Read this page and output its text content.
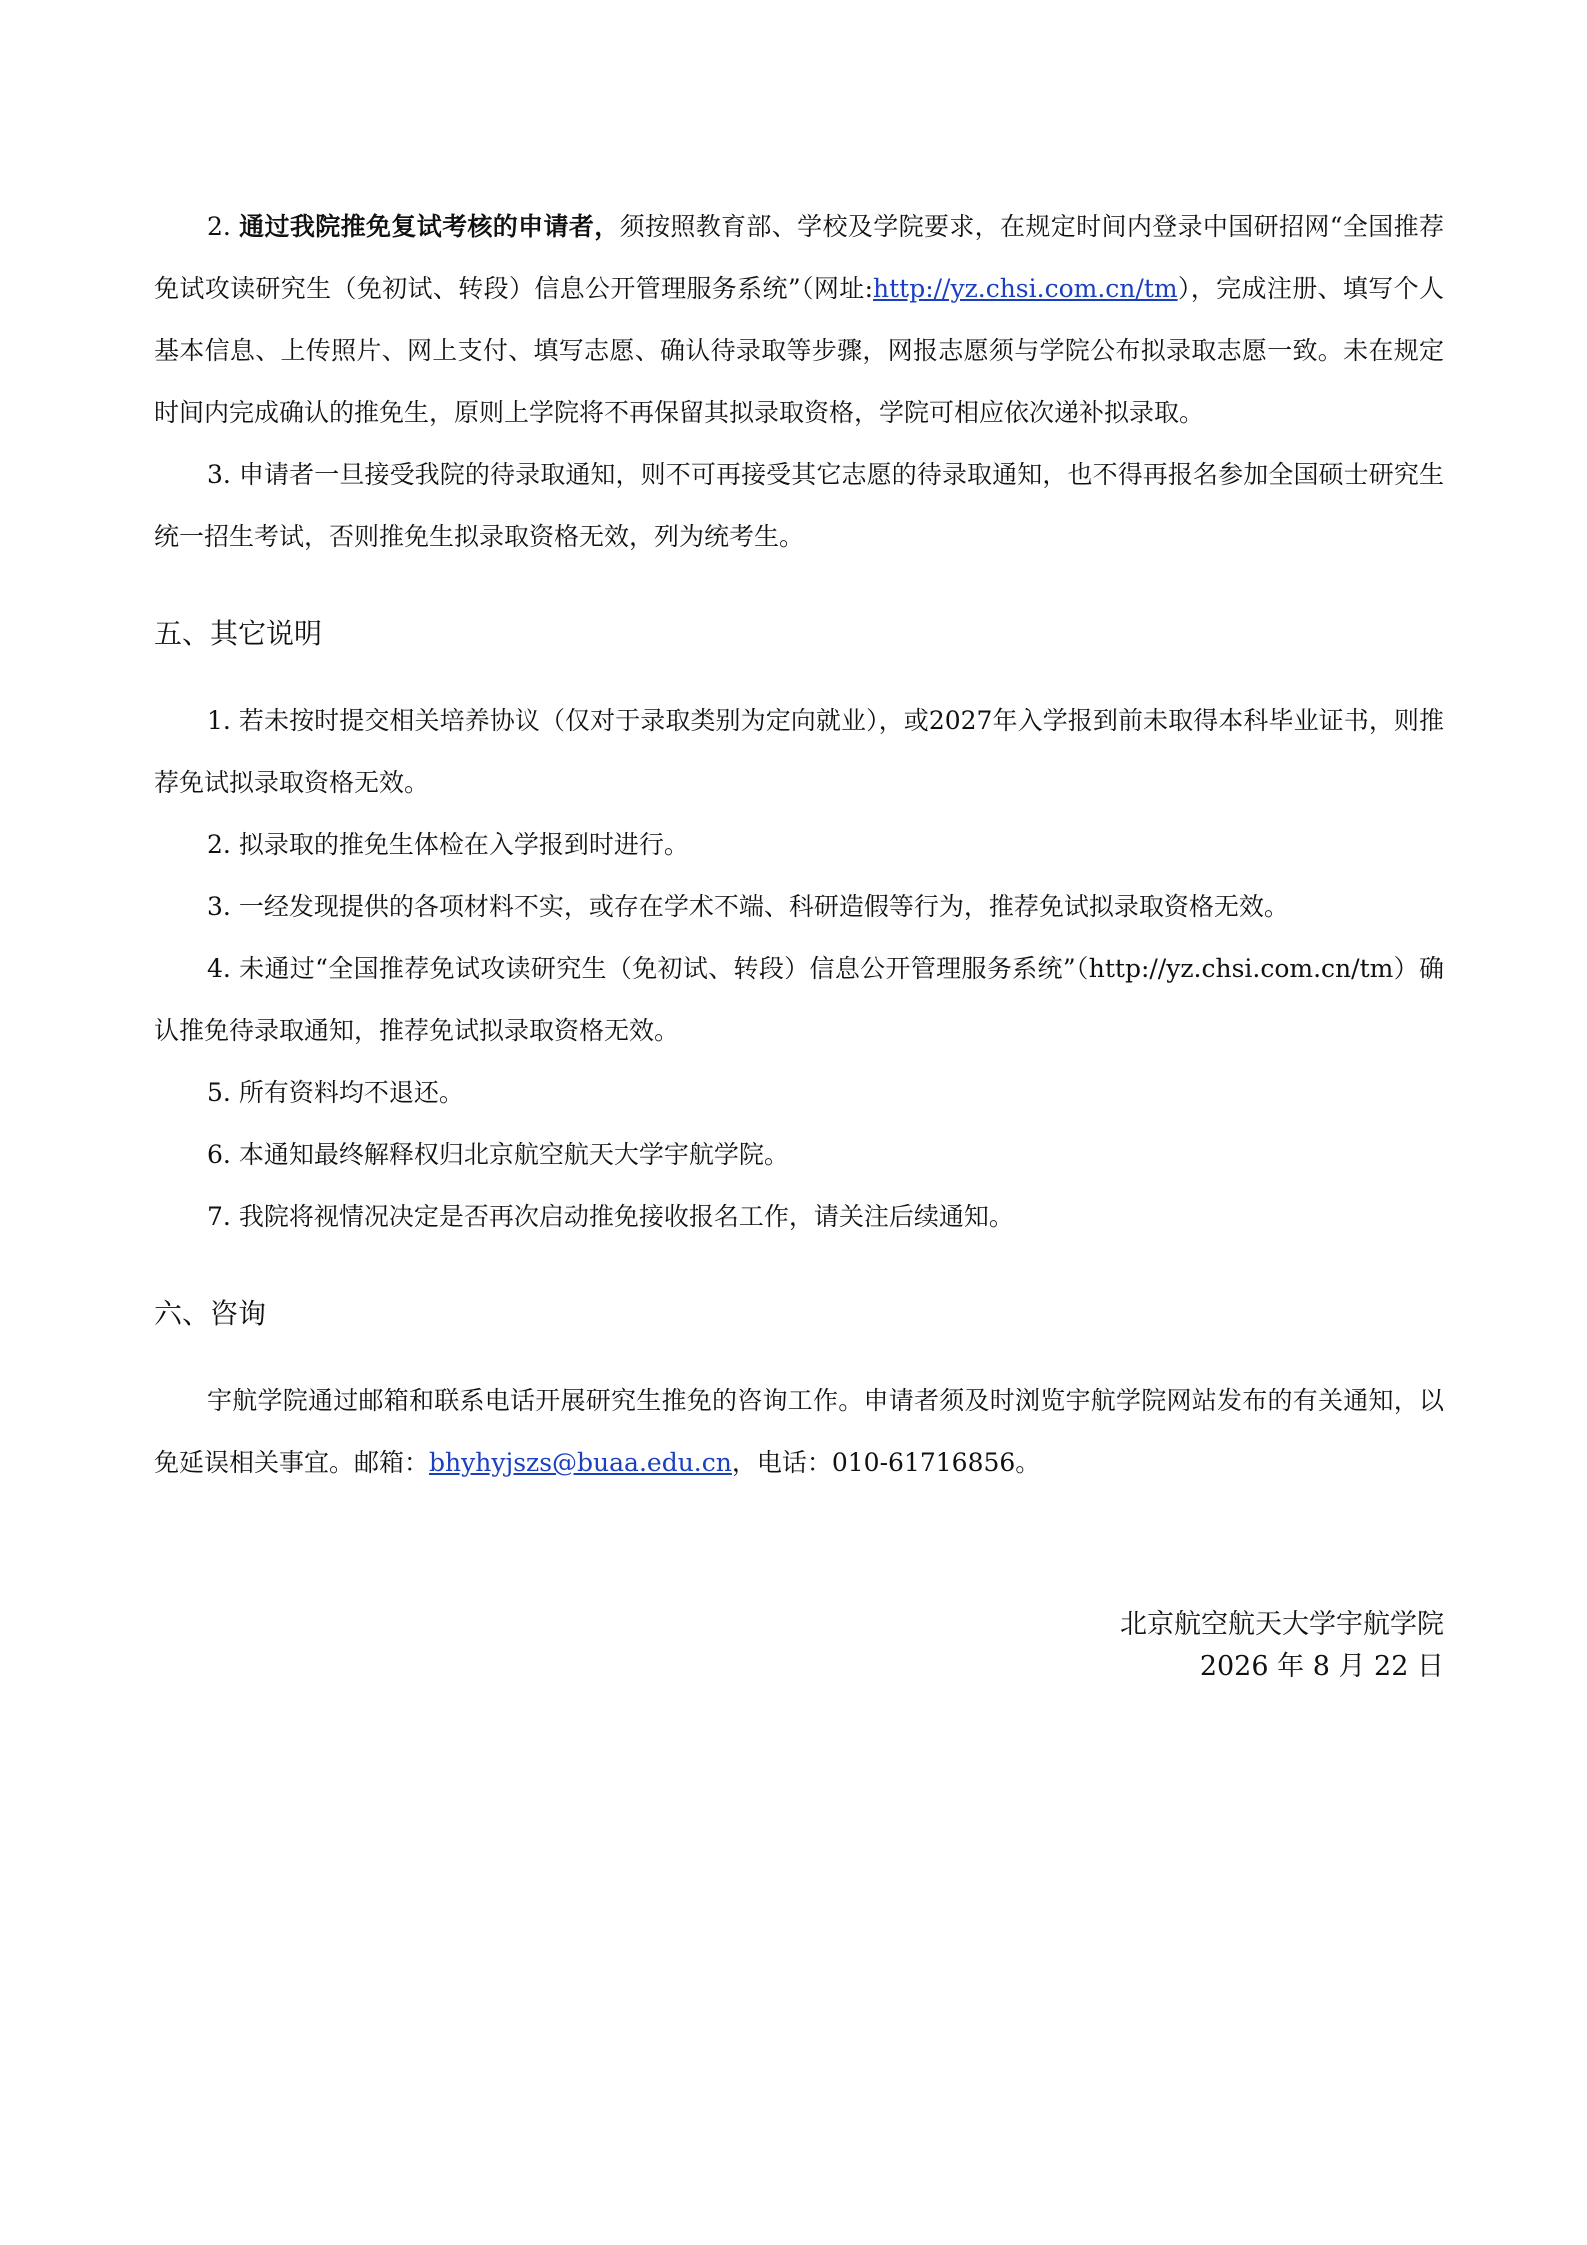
2. 通过我院推免复试考核的申请者，须按照教育部、学校及学院要求，在规定时间内登录中国研招网“全国推荐免试攻读研究生（免初试、转段）信息公开管理服务系统”（网址:http://yz.chsi.com.cn/tm），完成注册、填写个人基本信息、上传照片、网上支付、填写志愿、确认待录取等步骤，网报志愿须与学院公布拟录取志愿一致。未在规定时间内完成确认的推免生，原则上学院将不再保留其拟录取资格，学院可相应依次递补拟录取。

3. 申请者一旦接受我院的待录取通知，则不可再接受其它志愿的待录取通知，也不得再报名参加全国硕士研究生统一招生考试，否则推免生拟录取资格无效，列为统考生。

五、其它说明

1. 若未按时提交相关培养协议（仅对于录取类别为定向就业），或2027年入学报到前未取得本科毕业证书，则推荐免试拟录取资格无效。

2. 拟录取的推免生体检在入学报到时进行。

3. 一经发现提供的各项材料不实，或存在学术不端、科研造假等行为，推荐免试拟录取资格无效。

4. 未通过“全国推荐免试攻读研究生（免初试、转段）信息公开管理服务系统”（http://yz.chsi.com.cn/tm）确认推免待录取通知，推荐免试拟录取资格无效。

5. 所有资料均不退还。

6. 本通知最终解释权归北京航空航天大学宇航学院。

7. 我院将视情况决定是否再次启动推免接收报名工作，请关注后续通知。

六、咨询

宇航学院通过邮箱和联系电话开展研究生推免的咨询工作。申请者须及时浏览宇航学院网站发布的有关通知，以免延误相关事宜。邮箱：bhyhyjszs@buaa.edu.cn，电话：010-61716856。

北京航空航天大学宇航学院
2026 年 8 月 22 日
